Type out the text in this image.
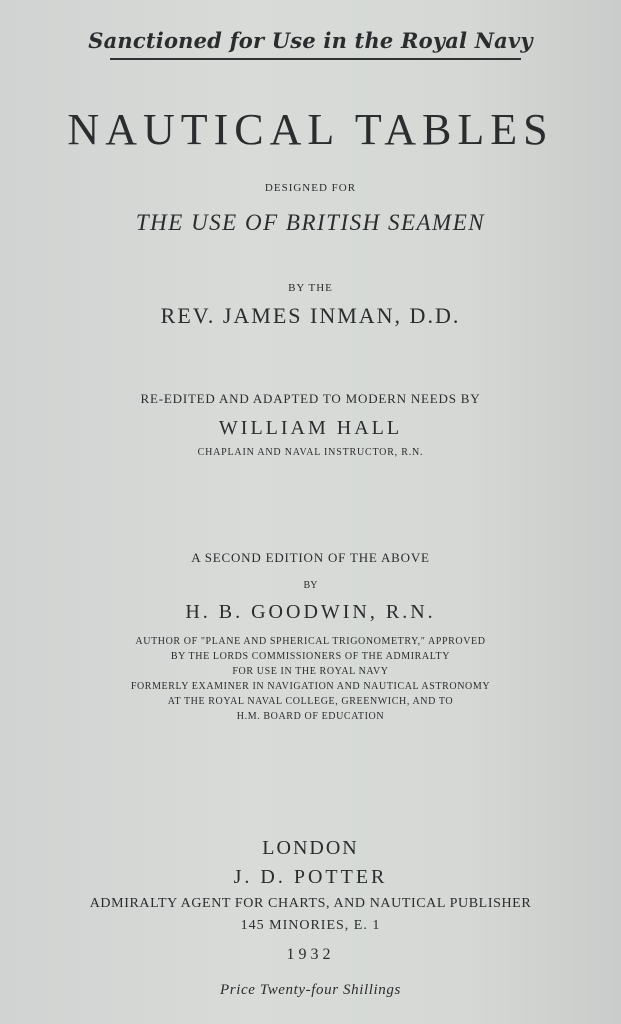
Sanctioned for Use in the Royal Navy
NAUTICAL TABLES
DESIGNED FOR
THE USE OF BRITISH SEAMEN
BY THE
REV. JAMES INMAN, D.D.
RE-EDITED AND ADAPTED TO MODERN NEEDS BY
WILLIAM HALL
CHAPLAIN AND NAVAL INSTRUCTOR, R.N.
A SECOND EDITION OF THE ABOVE
BY
H. B. GOODWIN, R.N.
AUTHOR OF "PLANE AND SPHERICAL TRIGONOMETRY," APPROVED
BY THE LORDS COMMISSIONERS OF THE ADMIRALTY
FOR USE IN THE ROYAL NAVY
FORMERLY EXAMINER IN NAVIGATION AND NAUTICAL ASTRONOMY
AT THE ROYAL NAVAL COLLEGE, GREENWICH, AND TO
H.M. BOARD OF EDUCATION
LONDON
J. D. POTTER
ADMIRALTY AGENT FOR CHARTS, AND NAUTICAL PUBLISHER
145 MINORIES, E. 1
1932
Price Twenty-four Shillings
